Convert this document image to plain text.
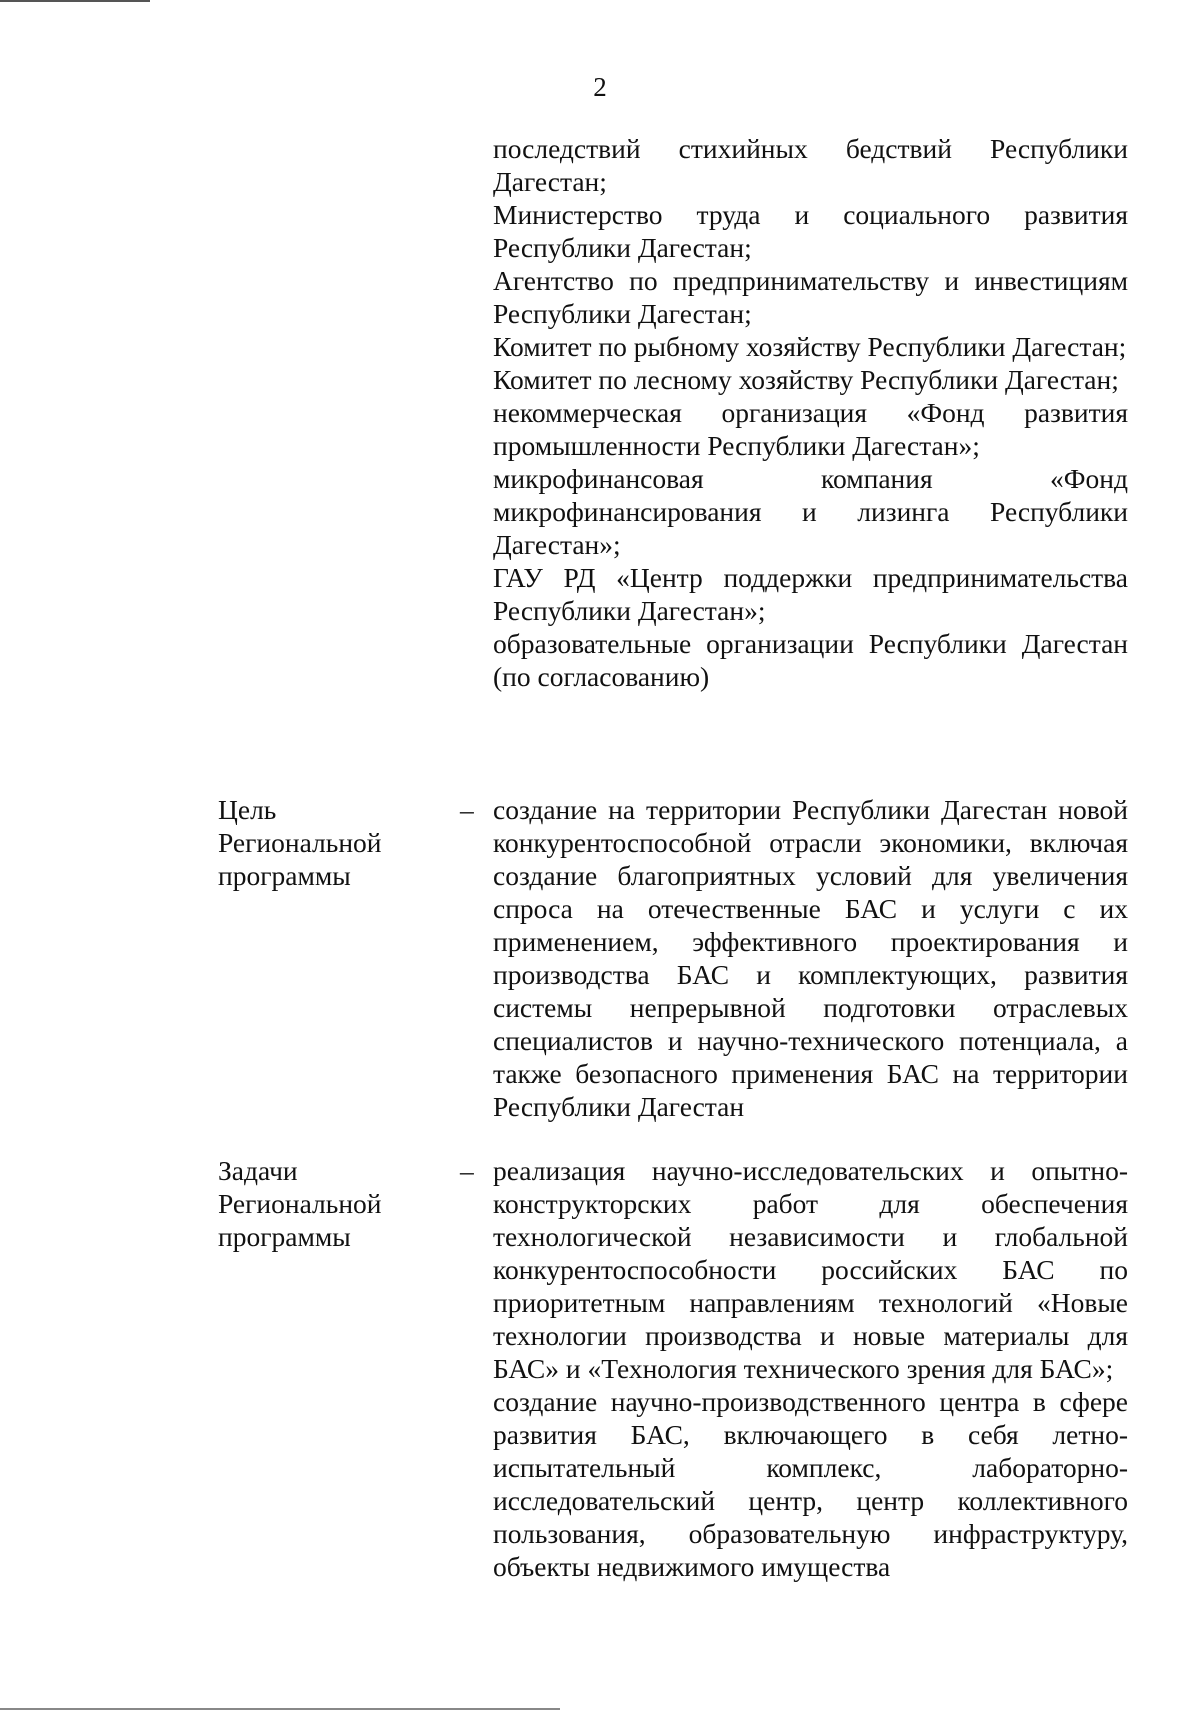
2

последствий стихийных бедствий Республики Дагестан;

Министерство труда и социального развития Республики Дагестан;

Агентство по предпринимательству и инвестициям Республики Дагестан;

Комитет по рыбному хозяйству Республики Дагестан;

Комитет по лесному хозяйству Республики Дагестан;

некоммерческая организация «Фонд развития промышленности Республики Дагестан»;

микрофинансовая компания «Фонд микрофинансирования и лизинга Республики Дагестан»;

ГАУ РД «Центр поддержки предпринимательства Республики Дагестан»;

образовательные организации Республики Дагестан (по согласованию)

Цель
Региональной
программы
– создание на территории Республики Дагестан новой конкурентоспособной отрасли экономики, включая создание благоприятных условий для увеличения спроса на отечественные БАС и услуги с их применением, эффективного проектирования и производства БАС и комплектующих, развития системы непрерывной подготовки отраслевых специалистов и научно-технического потенциала, а также безопасного применения БАС на территории Республики Дагестан

Задачи
Региональной
программы
– реализация научно-исследовательских и опытно-конструкторских работ для обеспечения технологической независимости и глобальной конкурентоспособности российских БАС по приоритетным направлениям технологий «Новые технологии производства и новые материалы для БАС» и «Технология технического зрения для БАС»;

создание научно-производственного центра в сфере развития БАС, включающего в себя летно-испытательный комплекс, лабораторно-исследовательский центр, центр коллективного пользования, образовательную инфраструктуру, объекты недвижимого имущества
